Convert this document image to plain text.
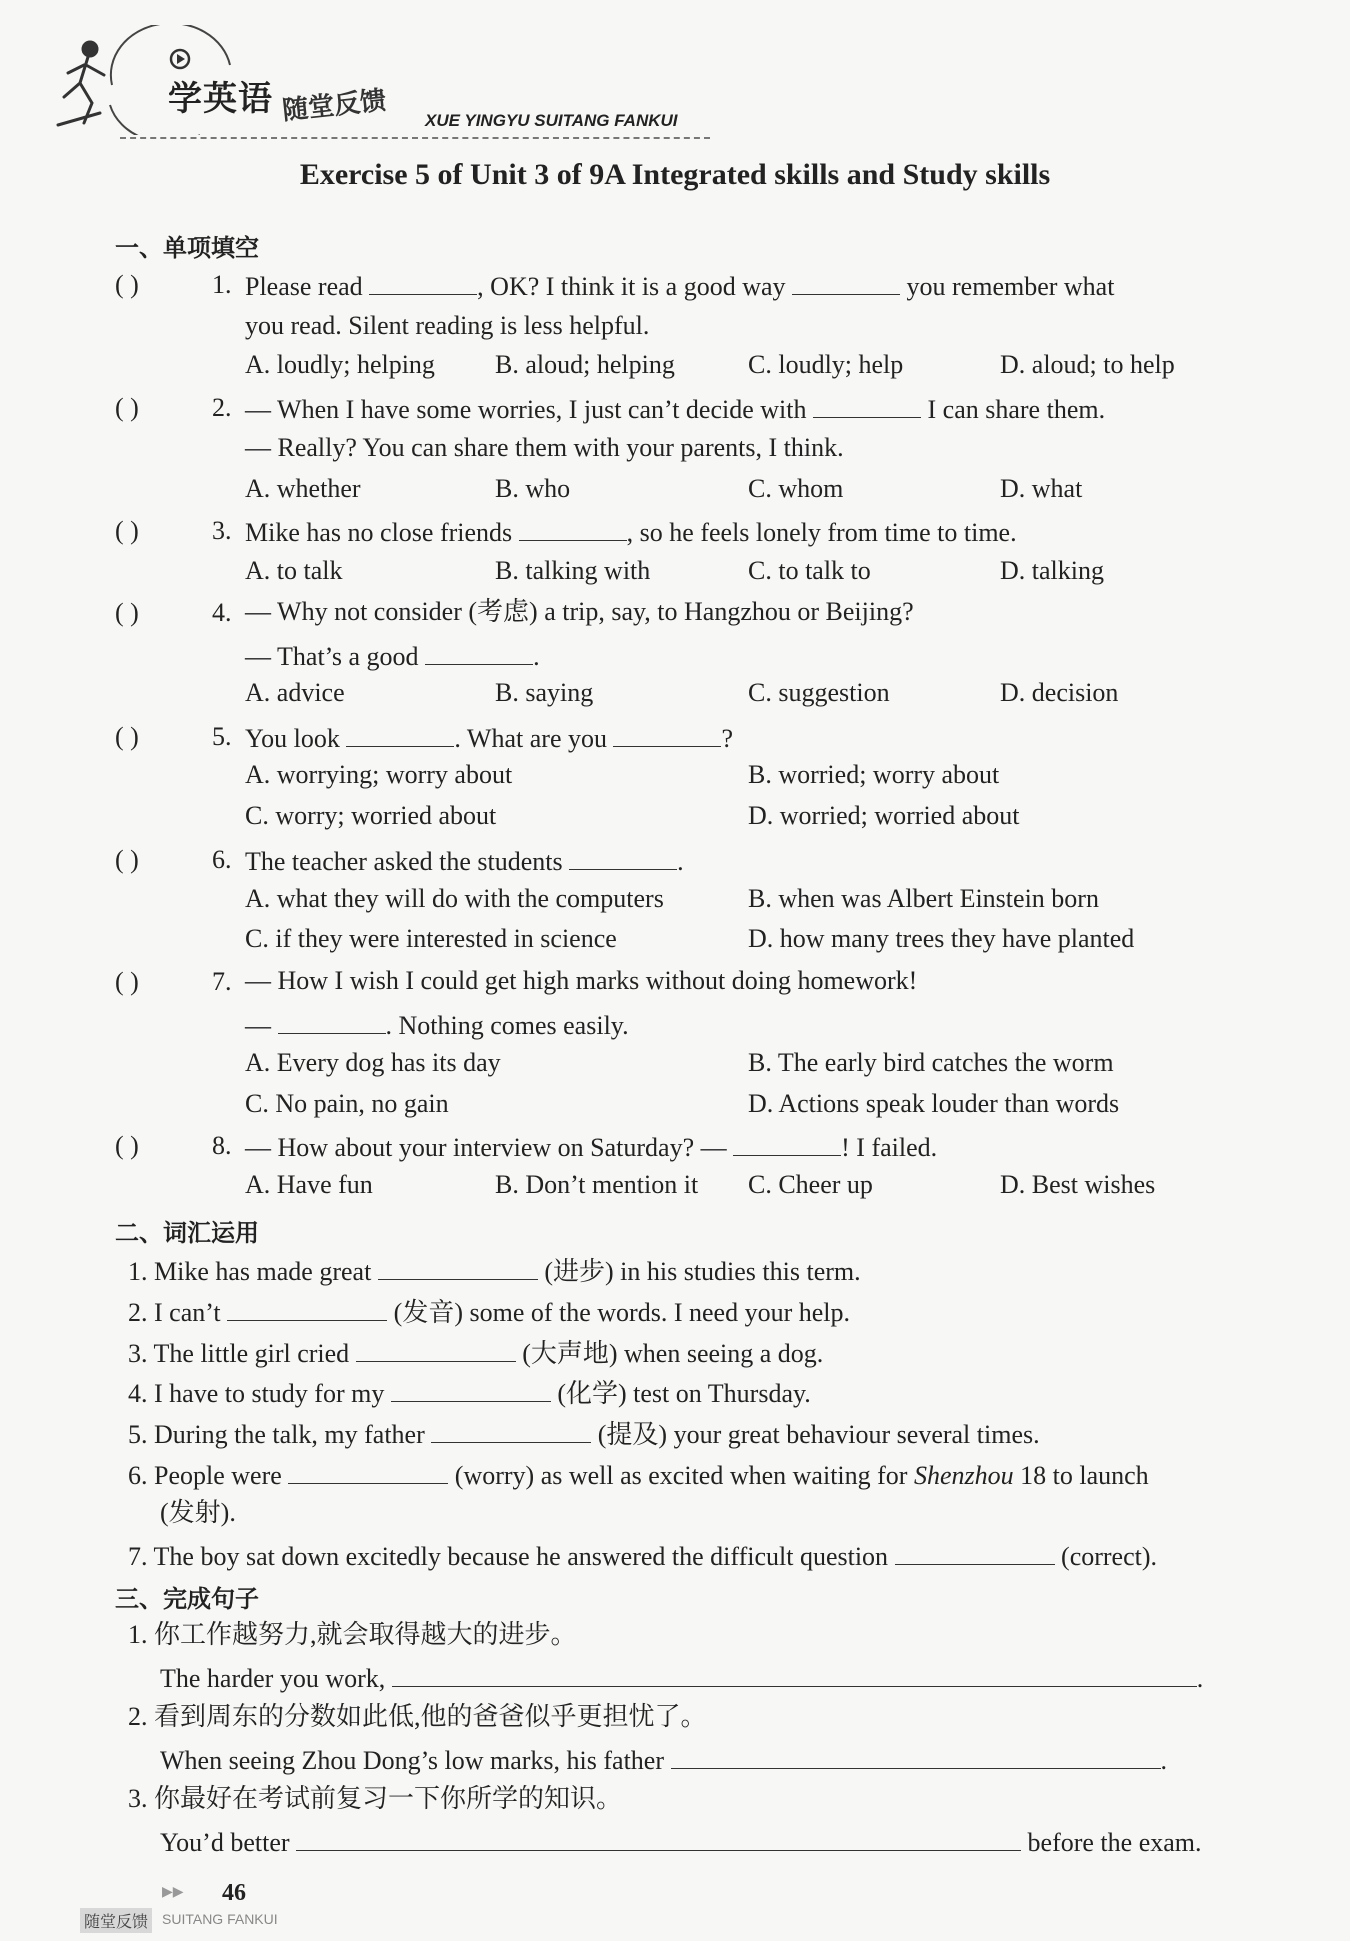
学英语 随堂反馈 XUE YINGYU SUITANG FANKUI
Exercise 5 of Unit 3 of 9A Integrated skills and Study skills
一、单项填空
( )	1. Please read	, OK? I think it is a good way	you remember what
you read. Silent reading is less helpful.
A. loudly; helping B. aloud; helping	C. loudly; help	D. aloud; to help
( )	2. — When I have some worries, I just can’t decide with	I can share them.
— Really? You can share them with your parents, I think.
A. whether	B. who	C. whom	D. what
( )	3. Mike has no close friends	, so he feels lonely from time to time.
A. to talk	B. talking with	C. to talk to	D. talking
( )	4. — Why not consider (考虑) a trip, say, to Hangzhou or Beijing?
— That’s a good	.
A. advice	B. saying	C. suggestion	D. decision
( )	5. You look	. What are you	?
A. worrying; worry about	B. worried; worry about
C. worry; worried about	D. worried; worried about
( )	6. The teacher asked the students	.
A. what they will do with the computers	B. when was Albert Einstein born
C. if they were interested in science	D. how many trees they have planted
( )	7. — How I wish I could get high marks without doing homework!
—	. Nothing comes easily.
A. Every dog has its day	B. The early bird catches the worm
C. No pain, no gain	D. Actions speak louder than words
( )	8. — How about your interview on Saturday? —	! I failed.
A. Have fun	B. Don’t mention it C. Cheer up	D. Best wishes
二、词汇运用
1. Mike has made great	(进步) in his studies this term.
2. I can’t	(发音) some of the words. I need your help.
3. The little girl cried	(大声地) when seeing a dog.
4. I have to study for my	(化学) test on Thursday.
5. During the talk, my father	(提及) your great behaviour several times.
6. People were	(worry) as well as excited when waiting for Shenzhou 18 to launch
(发射).
7. The boy sat down excitedly because he answered the difficult question	(correct).
三、完成句子
1. 你工作越努力,就会取得越大的进步。
The harder you work,	.
2. 看到周东的分数如此低,他的爸爸似乎更担忧了。
When seeing Zhou Dong’s low marks, his father	.
3. 你最好在考试前复习一下你所学的知识。
You’d better	before the exam.
▶▶ 46
随堂反馈 SUITANG FANKUI
